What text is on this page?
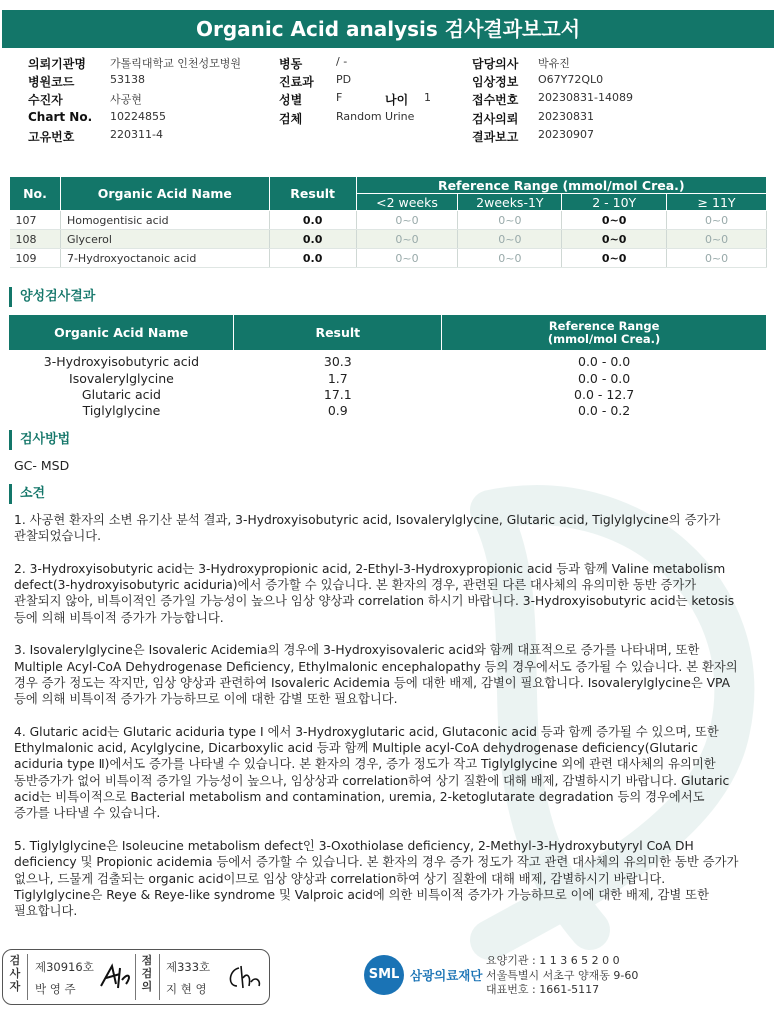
Organic Acid analysis 검사결과보고서
의뢰기관명 가톨릭대학교 인천성모병원	병동	/ -	담당의사 박유진
병원코드	53138	진료과 PD	임상정보 O67Y72QL0
수진자	사공현	성별	F	나이 1	접수번호 20230831-14089
Chart No. 10224855	검체	Random Urine	검사의뢰 20230831
고유번호	220311-4	결과보고 20230907
No.	Organic Acid Name	Result	Reference Range (mmol/mol Crea.)			
			<2 weeks	2weeks-1Y	2 - 10Y	≥ 11Y
107	Homogentisic acid	0.0	0~0	0~0	0~0	0~0
108	Glycerol	0.0	0~0	0~0	0~0	0~0
109	7-Hydroxyoctanoic acid	0.0	0~0	0~0	0~0	0~0
양성검사결과
Organic Acid Name	Result	Reference Range
(mmol/mol Crea.)

3-Hydroxyisobutyric acid	30.3	0.0 - 0.0
Isovalerylglycine	1.7	0.0 - 0.0
Glutaric acid	17.1	0.0 - 12.7
Tiglylglycine	0.9	0.0 - 0.2
검사방법
GC- MSD
소견

1. 사공현 환자의 소변 유기산 분석 결과, 3-Hydroxyisobutyric acid, Isovalerylglycine, Glutaric acid, Tiglylglycine의 증가가
관찰되었습니다.

2. 3-Hydroxyisobutyric acid는 3-Hydroxypropionic acid, 2-Ethyl-3-Hydroxypropionic acid 등과 함께 Valine metabolism
defect(3-hydroxyisobutyric aciduria)에서 증가할 수 있습니다. 본 환자의 경우, 관련된 다른 대사체의 유의미한 동반 증가가
관찰되지 않아, 비특이적인 증가일 가능성이 높으나 임상 양상과 correlation 하시기 바랍니다. 3-Hydroxyisobutyric acid는 ketosis
등에 의해 비특이적 증가가 가능합니다.

3. Isovalerylglycine은 Isovaleric Acidemia의 경우에 3-Hydroxyisovaleric acid와 함께 대표적으로 증가를 나타내며, 또한
Multiple Acyl-CoA Dehydrogenase Deficiency, Ethylmalonic encephalopathy 등의 경우에서도 증가될 수 있습니다. 본 환자의
경우 증가 정도는 작지만, 임상 양상과 관련하여 Isovaleric Acidemia 등에 대한 배제, 감별이 필요합니다. Isovalerylglycine은 VPA
등에 의해 비특이적 증가가 가능하므로 이에 대한 감별 또한 필요합니다.

4. Glutaric acid는 Glutaric aciduria type I 에서 3-Hydroxyglutaric acid, Glutaconic acid 등과 함께 증가될 수 있으며, 또한
Ethylmalonic acid, Acylglycine, Dicarboxylic acid 등과 함께 Multiple acyl-CoA dehydrogenase deficiency(Glutaric
aciduria type Ⅱ)에서도 증가를 나타낼 수 있습니다. 본 환자의 경우, 증가 정도가 작고 Tiglylglycine 외에 관련 대사체의 유의미한
동반증가가 없어 비특이적 증가일 가능성이 높으나, 임상상과 correlation하여 상기 질환에 대해 배제, 감별하시기 바랍니다. Glutaric
acid는 비특이적으로 Bacterial metabolism and contamination, uremia, 2-ketoglutarate degradation 등의 경우에서도
증가를 나타낼 수 있습니다.

5. Tiglylglycine은 Isoleucine metabolism defect인 3-Oxothiolase deficiency, 2-Methyl-3-Hydroxybutyryl CoA DH
deficiency 및 Propionic acidemia 등에서 증가할 수 있습니다. 본 환자의 경우 증가 정도가 작고 관련 대사체의 유의미한 동반 증가가
없으나, 드물게 검출되는 organic acid이므로 임상 양상과 correlation하여 상기 질환에 대해 배제, 감별하시기 바랍니다.
Tiglylglycine은 Reye & Reye-like syndrome 및 Valproic acid에 의한 비특이적 증가가 가능하므로 이에 대한 배제, 감별 또한
필요합니다.

검사자
제30916호
박 영 주
점검의
제333호
지 현 영
SML 삼광의료재단
요양기관 : 1 1 3 6 5 2 0 0
서울특별시 서초구 양재동 9-60
대표번호 : 1661-5117
